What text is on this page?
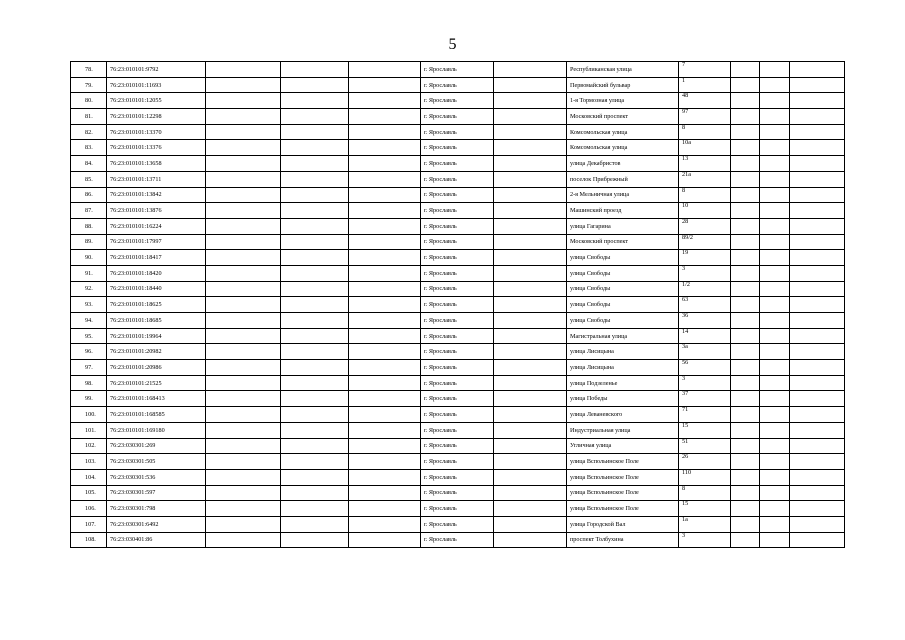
5
78.	76:23:010101:9792				г. Ярославль		Республиканская улица	7			
79.	76:23:010101:11693				г. Ярославль		Первомайский бульвар	1			
80.	76:23:010101:12055				г. Ярославль		1-я Тормозная улица	48			
81.	76:23:010101:12298				г. Ярославль		Московский проспект	97			
82.	76:23:010101:13370				г. Ярославль		Комсомольская улица	8			
83.	76:23:010101:13376				г. Ярославль		Комсомольская улица	10а			
84.	76:23:010101:13658				г. Ярославль		улица Декабристов	13			
85.	76:23:010101:13711				г. Ярославль		поселок Прибрежный	21а			
86.	76:23:010101:13842				г. Ярославль		2-я Мельничная улица	8			
87.	76:23:010101:13876				г. Ярославль		Машинский проезд	10			
88.	76:23:010101:16224				г. Ярославль		улица Гагарина	28			
89.	76:23:010101:17997				г. Ярославль		Московский проспект	89/2			
90.	76:23:010101:18417				г. Ярославль		улица Свободы	19			
91.	76:23:010101:18420				г. Ярославль		улица Свободы	3			
92.	76:23:010101:18440				г. Ярославль		улица Свободы	1/2			
93.	76:23:010101:18625				г. Ярославль		улица Свободы	63			
94.	76:23:010101:18685				г. Ярославль		улица Свободы	36			
95.	76:23:010101:19964				г. Ярославль		Магистральная улица	14			
96.	76:23:010101:20982				г. Ярославль		улица Лисицына	3а			
97.	76:23:010101:20986				г. Ярославль		улица Лисицына	56			
98.	76:23:010101:21525				г. Ярославль		улица Подзеленье	3			
99.	76:23:010101:168413				г. Ярославль		улица Победы	37			
100.	76:23:010101:168585				г. Ярославль		улица Леваневского	71			
101.	76:23:010101:169180				г. Ярославль		Индустриальная улица	15			
102.	76:23:030301:269				г. Ярославль		Угличная улица	51			
103.	76:23:030301:505				г. Ярославль		улица Вспольинское Поле	26			
104.	76:23:030301:536				г. Ярославль		улица Вспольинское Поле	110			
105.	76:23:030301:597				г. Ярославль		улица Вспольинское Поле	8			
106.	76:23:030301:798				г. Ярославль		улица Вспольинское Поле	15			
107.	76:23:030301:6492				г. Ярославль		улица Городской Вал	1а			
108.	76:23:030401:86				г. Ярославль		проспект Толбухина	3			
